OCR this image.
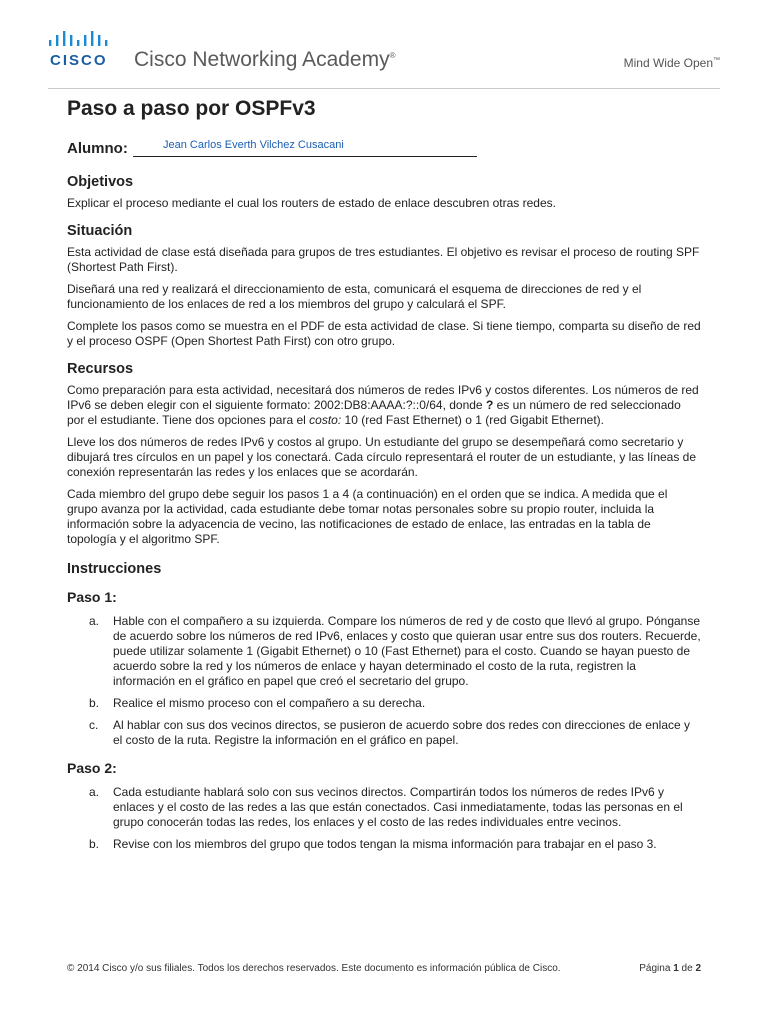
CISCO Cisco Networking Academy®
Mind Wide Open™
Paso a paso por OSPFv3
Alumno:	Jean Carlos Everth Vilchez Cusacani
Objetivos

Explicar el proceso mediante el cual los routers de estado de enlace descubren otras redes.

Situación

Esta actividad de clase está diseñada para grupos de tres estudiantes. El objetivo es revisar el proceso de routing SPF (Shortest Path First).

Diseñará una red y realizará el direccionamiento de esta, comunicará el esquema de direcciones de red y el funcionamiento de los enlaces de red a los miembros del grupo y calculará el SPF.

Complete los pasos como se muestra en el PDF de esta actividad de clase. Si tiene tiempo, comparta su diseño de red y el proceso OSPF (Open Shortest Path First) con otro grupo.

Recursos

Como preparación para esta actividad, necesitará dos números de redes IPv6 y costos diferentes. Los números de red IPv6 se deben elegir con el siguiente formato: 2002:DB8:AAAA:?::0/64, donde ? es un número de red seleccionado por el estudiante. Tiene dos opciones para el costo: 10 (red Fast Ethernet) o 1 (red Gigabit Ethernet).

Lleve los dos números de redes IPv6 y costos al grupo. Un estudiante del grupo se desempeñará como secretario y dibujará tres círculos en un papel y los conectará. Cada círculo representará el router de un estudiante, y las líneas de conexión representarán las redes y los enlaces que se acordarán.

Cada miembro del grupo debe seguir los pasos 1 a 4 (a continuación) en el orden que se indica. A medida que el grupo avanza por la actividad, cada estudiante debe tomar notas personales sobre su propio router, incluida la información sobre la adyacencia de vecino, las notificaciones de estado de enlace, las entradas en la tabla de topología y el algoritmo SPF.

Instrucciones
Paso 1:
a. Hable con el compañero a su izquierda. Compare los números de red y de costo que llevó al grupo. Pónganse de acuerdo sobre los números de red IPv6, enlaces y costo que quieran usar entre sus dos routers. Recuerde, puede utilizar solamente 1 (Gigabit Ethernet) o 10 (Fast Ethernet) para el costo. Cuando se hayan puesto de acuerdo sobre la red y los números de enlace y hayan determinado el costo de la ruta, registren la información en el gráfico en papel que creó el secretario del grupo.
b. Realice el mismo proceso con el compañero a su derecha.
c. Al hablar con sus dos vecinos directos, se pusieron de acuerdo sobre dos redes con direcciones de enlace y el costo de la ruta. Registre la información en el gráfico en papel.
Paso 2:
a. Cada estudiante hablará solo con sus vecinos directos. Compartirán todos los números de redes IPv6 y enlaces y el costo de las redes a las que están conectados. Casi inmediatamente, todas las personas en el grupo conocerán todas las redes, los enlaces y el costo de las redes individuales entre vecinos.
b. Revise con los miembros del grupo que todos tengan la misma información para trabajar en el paso 3.
© 2014 Cisco y/o sus filiales. Todos los derechos reservados. Este documento es información pública de Cisco.	Página 1 de 2
